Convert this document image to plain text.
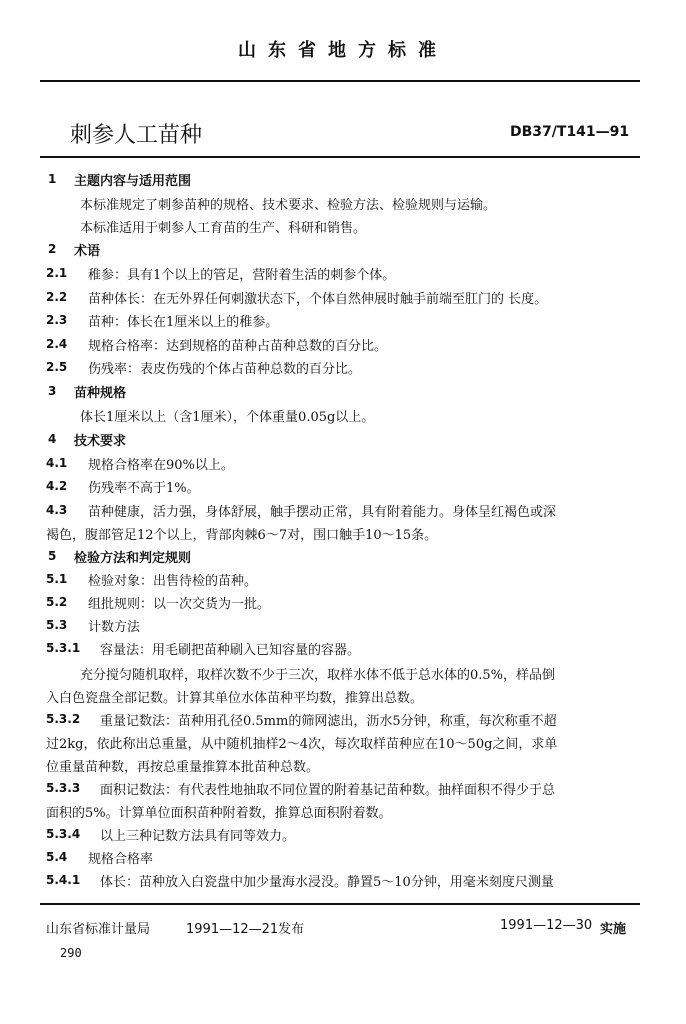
山东省地方标准
刺参人工苗种	DB37/T141—91
1 主题内容与适用范围
本标准规定了刺参苗种的规格、技术要求、检验方法、检验规则与运输。
本标准适用于刺参人工育苗的生产、科研和销售。
2 术语
2.1 稚参：具有1个以上的管足，营附着生活的刺参个体。
2.2 苗种体长：在无外界任何刺激状态下，个体自然伸展时触手前端至肛门的 长度。
2.3 苗种：体长在1厘米以上的稚参。
2.4 规格合格率：达到规格的苗种占苗种总数的百分比。
2.5 伤残率：表皮伤残的个体占苗种总数的百分比。
3 苗种规格
体长1厘米以上（含1厘米），个体重量0.05g以上。
4 技术要求
4.1 规格合格率在90%以上。
4.2 伤残率不高于1%。
4.3 苗种健康，活力强，身体舒展，触手摆动正常，具有附着能力。身体呈红褐色或深
褐色，腹部管足12个以上，背部肉棘6～7对，围口触手10～15条。
5 检验方法和判定规则
5.1 检验对象：出售待检的苗种。
5.2 组批规则：以一次交货为一批。
5.3 计数方法
5.3.1 容量法：用毛刷把苗种刷入已知容量的容器。
充分搅匀随机取样，取样次数不少于三次，取样水体不低于总水体的0.5%，样品倒
入白色瓷盘全部记数。计算其单位水体苗种平均数，推算出总数。
5.3.2 重量记数法：苗种用孔径0.5mm的筛网滤出，沥水5分钟，称重，每次称重不超
过2kg，依此称出总重量，从中随机抽样2～4次，每次取样苗种应在10～50g之间，求单
位重量苗种数，再按总重量推算本批苗种总数。
5.3.3 面积记数法：有代表性地抽取不同位置的附着基记苗种数。抽样面积不得少于总
面积的5%。计算单位面积苗种附着数，推算总面积附着数。
5.3.4 以上三种记数方法具有同等效力。
5.4 规格合格率
5.4.1 体长：苗种放入白瓷盘中加少量海水浸没。静置5～10分钟，用毫米刻度尺测量
山东省标准计量局	1991—12—21发布	1991—12—30 实施
290
